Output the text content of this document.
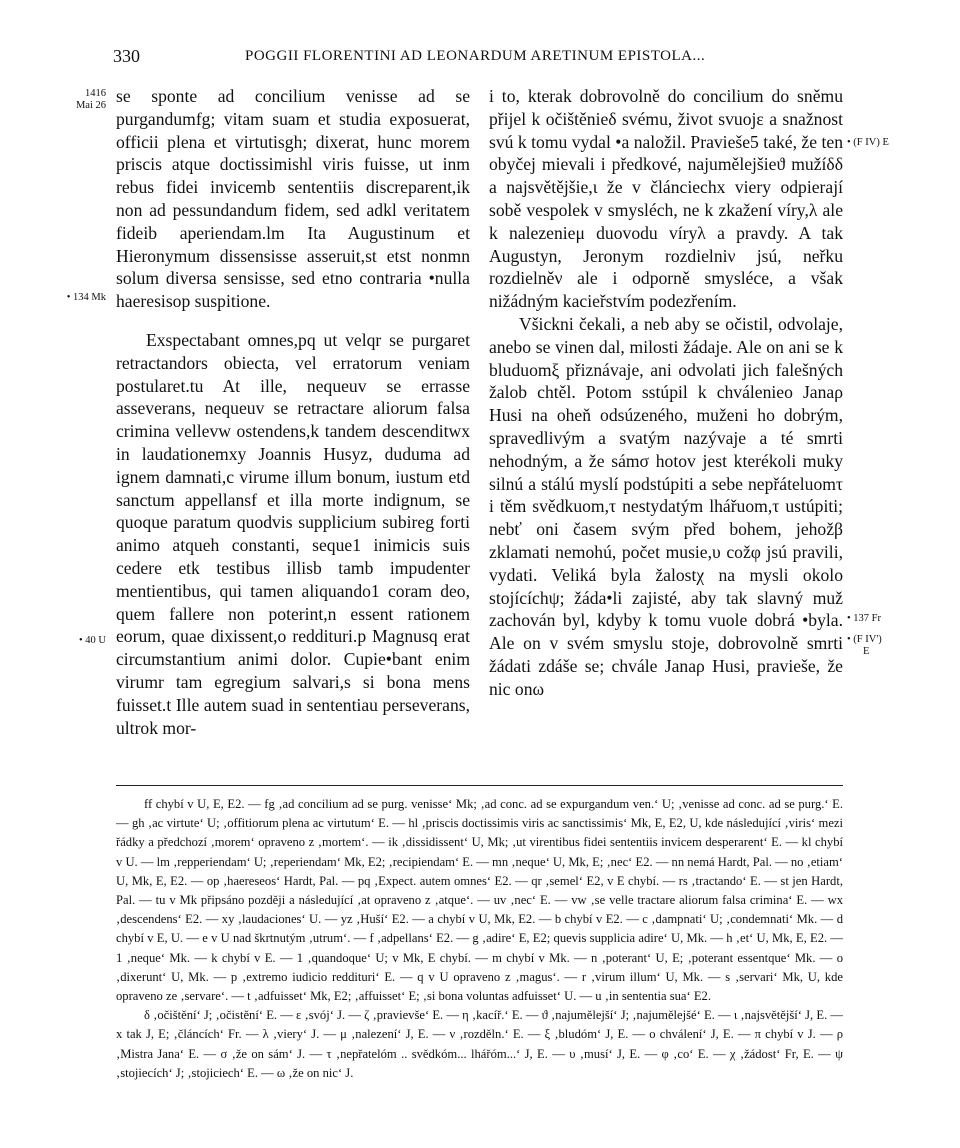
330	POGGII FLORENTINI AD LEONARDUM ARETINUM EPISTOLA...
1416
Mai 26
• 134 Mk
• 40 U
• (F IV) E
• 137 Fr
• (F IV')
E

se sponte ad concilium venisse ad se purgandumfg; vitam suam et studia exposuerat, officii plena et virtutisgh; dixerat, hunc morem priscis atque doctissimishl viris fuisse, ut inm rebus fidei invicemb sententiis discreparent,ik non ad pessundandum fidem, sed adkl veritatem fideib aperiendam.lm Ita Augustinum et Hieronymum dissensisse asseruit,st etst nonmn solum diversa sensisse, sed etno contraria •nulla haeresisop suspitione.

Exspectabant omnes,pq ut velqr se purgaret retractandors obiecta, vel erratorum veniam postularet.tu At ille, nequeuv se errasse asseverans, nequeuv se retractare aliorum falsa crimina vellevw ostendens,k tandem descenditwx in laudationemxy Joannis Husyz, duduma ad ignem damnati,c virume illum bonum, iustum etd sanctum appellansf et illa morte indignum, se quoque paratum quodvis supplicium subireg forti animo atqueh constanti, seque1 inimicis suis cedere etk testibus illisb tamb impudenter mentientibus, qui tamen aliquando1 coram deo, quem fallere non poterint,n essent rationem eorum, quae dixissent,o redditurі.p Magnusq erat circumstantium animi dolor. Cupie•bant enim virumr tam egregium salvari,s si bona mens fuisset.t Ille autem suad in sententiau perseverans, ultrok mor-

i to, kterak dobrovolně do concilium do sněmu přijel k očištěnieδ svému, život svuojε a snažnost svú k tomu vydal •a naložil. Pravieše5 také, že ten obyčej mievali i předkové, najumělejšieϑ mužíδδ a najsvětějšie,ι že v článciechx viery odpierají sobě vespolek v smysléch, ne k zkažení víry,λ ale k nalezenieμ duovodu víryλ a pravdy. A tak Augustyn, Jeronym rozdielniν jsú, neřku rozdielněν ale i odporně smysléce, a však nižádným kacieřstvím podezřením.

Všickni čekali, a neb aby se očistil, odvolaje, anebo se vinen dal, milosti žádaje. Ale on ani se k bluduomξ přiznávaje, ani odvolati jich falešných žalob chtěl. Potom sstúpil k chválenieο Janaρ Husi na oheň odsúzeného, muženi ho dobrým, spravedlivým a svatým nazývaje a té smrti nehodným, a že sámσ hotov jest kterékoli muky silnú a stálú myslí podstúpiti a sebe nepřáteluomτ i těm svědkuom,τ nestydatým lhářuom,τ ustúpiti; nebť oni časem svým před bohem, jehožβ zklamati nemohú, počet musie,υ cožφ jsú pravili, vydati. Veliká byla žalostχ na mysli okolo stojícíchψ; žáda•li zajisté, aby tak slavný muž zachován byl, kdyby k tomu vuole dobrá •byla. Ale on v svém smyslu stoje, dobrovolně smrti žádati zdáše se; chvále Janaρ Husi, pravieše, že nic onω

ff chybí v U, E, E2. — fg ‚ad concilium ad se purg. venisse‘ Mk; ‚ad conc. ad se expurgandum ven.‘ U; ‚venisse ad conc. ad se purg.‘ E. — gh ‚ac virtute‘ U; ‚offitiorum plena ac virtutum‘ E. — hl ‚priscis doctissimis viris ac sanctissimis‘ Mk, E, E2, U, kde následující ‚viris‘ mezi řádky a předchozí ‚morem‘ opraveno z ‚mortem‘. — ik ‚dissidissent‘ U, Mk; ‚ut virentibus fidei sententiis invicem desperarent‘ E. — kl chybí v U. — lm ‚repperiendam‘ U; ‚reperiendam‘ Mk, E2; ‚recipiendam‘ E. — mn ‚neque‘ U, Mk, E; ‚nec‘ E2. — nn nemá Hardt, Pal. — no ‚etiam‘ U, Mk, E, E2. — op ‚haereseos‘ Hardt, Pal. — pq ‚Expect. autem omnes‘ E2. — qr ‚semel‘ E2, v E chybí. — rs ‚tractando‘ E. — st jen Hardt, Pal. — tu v Mk připsáno později a následující ‚at opraveno z ‚atque‘. — uv ‚nec‘ E. — vw ‚se velle tractare aliorum falsa crimina‘ E. — wx ‚descendens‘ E2. — xy ‚laudaciones‘ U. — yz ‚Huší‘ E2. — a chybí v U, Mk, E2. — b chybí v E2. — c ‚dampnati‘ U; ‚condemnati‘ Mk. — d chybí v E, U. — e v U nad škrtnutým ‚utrum‘. — f ‚adpellans‘ E2. — g ‚adire‘ E, E2; quevis supplicia adire‘ U, Mk. — h ‚et‘ U, Mk, E, E2. — 1 ‚neque‘ Mk. — k chybí v E. — 1 ‚quandoque‘ U; v Mk, E chybí. — m chybí v Mk. — n ‚poterant‘ U, E; ‚poterant essentque‘ Mk. — o ‚dixerunt‘ U, Mk. — p ‚extremo iudicio redditurі‘ E. — q v U opraveno z ‚magus‘. — r ‚virum illum‘ U, Mk. — s ‚servari‘ Mk, U, kde opraveno ze ‚servare‘. — t ‚adfuisset‘ Mk, E2; ‚affuisset‘ E; ‚si bona voluntas adfuisset‘ U. — u ‚in sententia sua‘ E2.

δ ‚očištění‘ J; ‚očistění‘ E. — ε ‚svój‘ J. — ζ ‚pravievše‘ E. — η ‚kacíř.‘ E. — ϑ ‚najumělejší‘ J; ‚najumělejšé‘ E. — ι ‚najsvětější‘ J, E. — x tak J, E; ‚článcích‘ Fr. — λ ‚viery‘ J. — μ ‚nalezení‘ J, E. — ν ‚rozděln.‘ E. — ξ ‚bludóm‘ J, E. — ο chválení‘ J, E. — π chybí v J. — ρ ‚Mistra Jana‘ E. — σ ‚že on sám‘ J. — τ ‚nepřatelóm .. svědkóm... lhářóm...‘ J, E. — υ ‚musí‘ J, E. — φ ‚co‘ E. — χ ‚žádost‘ Fr, E. — ψ ‚stojiecích‘ J; ‚stojiciech‘ E. — ω ‚že on nic‘ J.
